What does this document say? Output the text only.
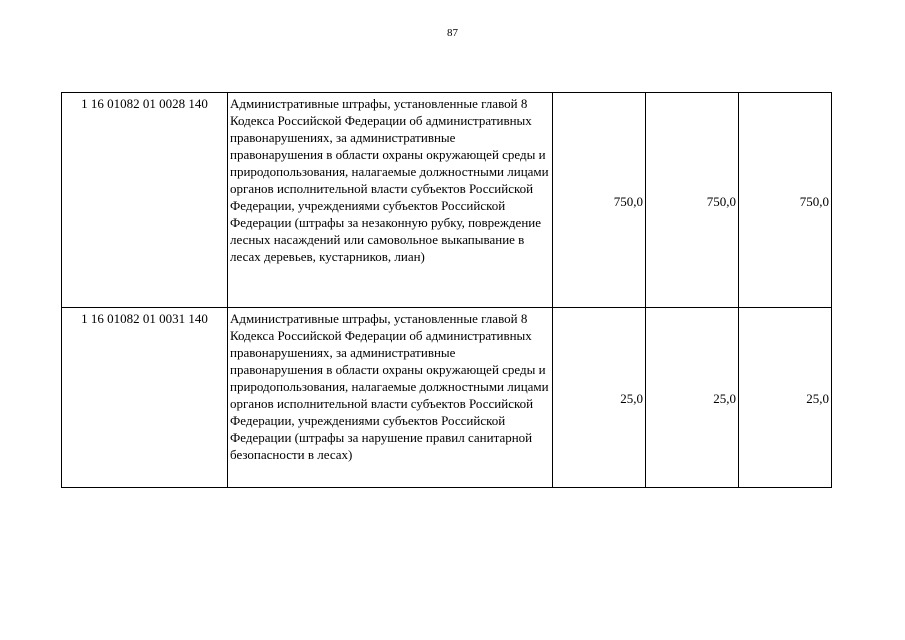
87
1 16 01082 01 0028 140	Административные штрафы, установленные главой 8 Кодекса Российской Федерации об административных правонарушениях, за административные правонарушения в области охраны окружающей среды и природопользования, налагаемые должностными лицами органов исполнительной власти субъектов Российской Федерации, учреждениями субъектов Российской Федерации (штрафы за незаконную рубку, повреждение лесных насаждений или самовольное выкапывание в лесах деревьев, кустарников, лиан)	750,0	750,0	750,0
1 16 01082 01 0031 140	Административные штрафы, установленные главой 8 Кодекса Российской Федерации об административных правонарушениях, за административные правонарушения в области охраны окружающей среды и природопользования, налагаемые должностными лицами органов исполнительной власти субъектов Российской Федерации, учреждениями субъектов Российской Федерации (штрафы за нарушение правил санитарной безопасности в лесах)	25,0	25,0	25,0
